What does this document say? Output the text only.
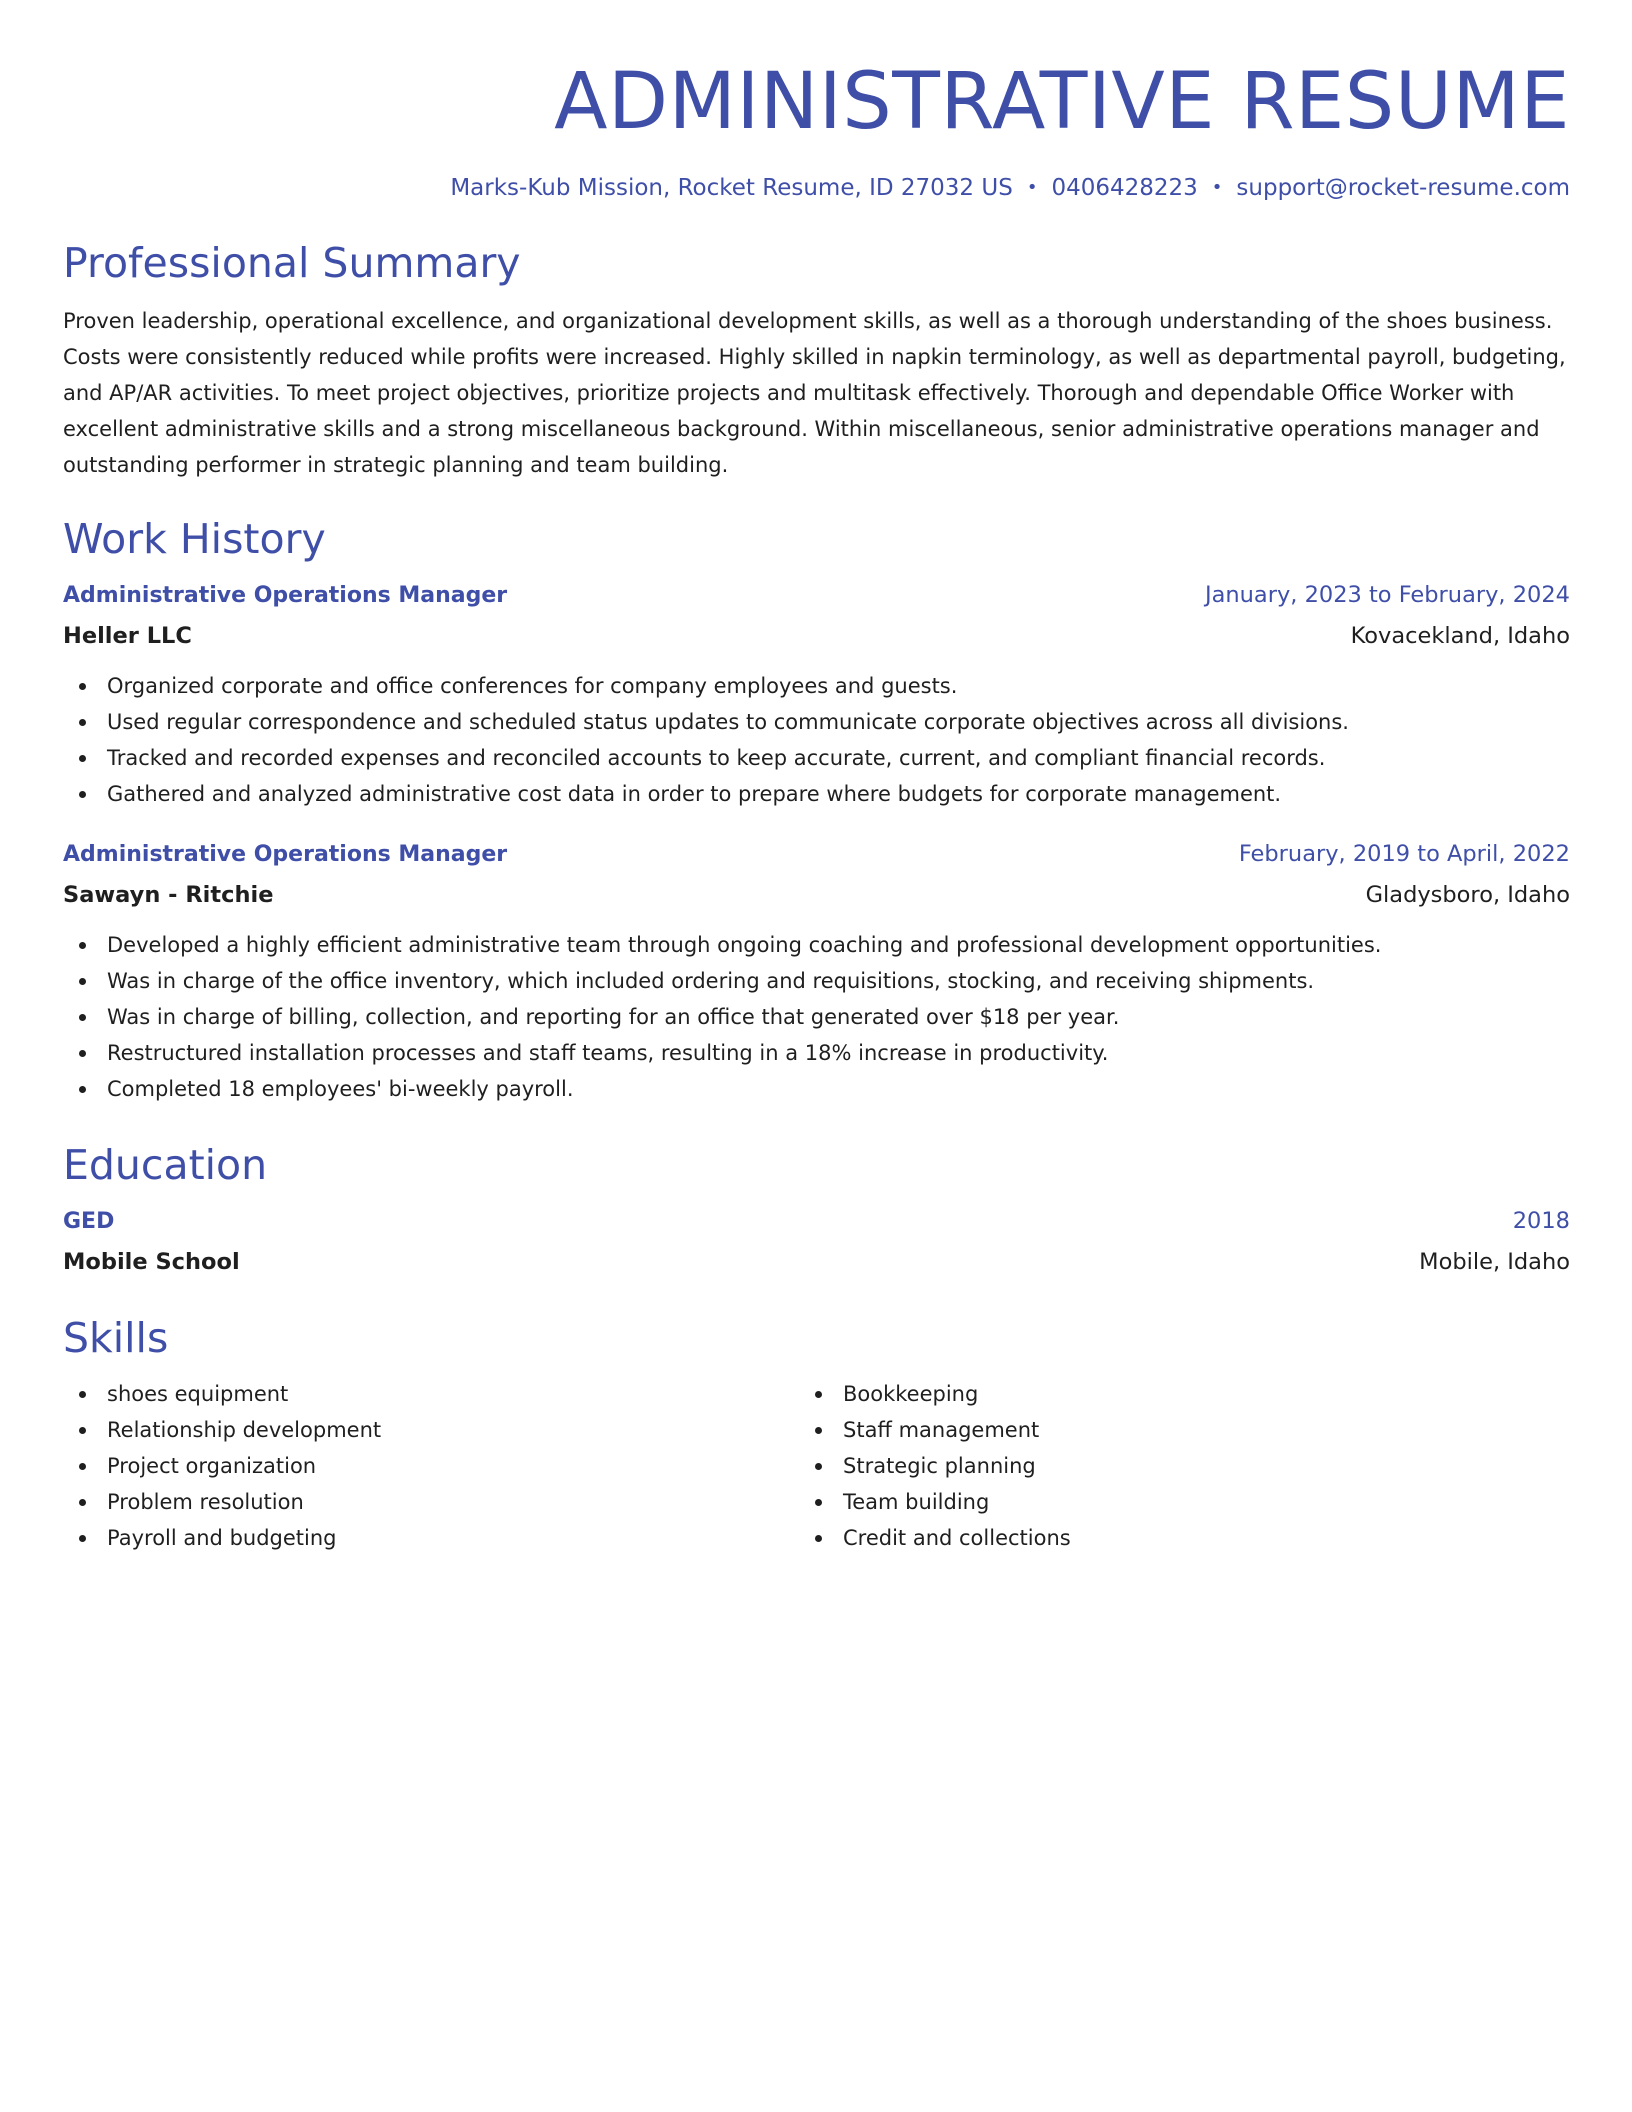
ADMINISTRATIVE RESUME
Marks-Kub Mission, Rocket Resume, ID 27032 US • 0406428223 • support@rocket-resume.com
Professional Summary

Proven leadership, operational excellence, and organizational development skills, as well as a thorough understanding of the shoes business. Costs were consistently reduced while profits were increased. Highly skilled in napkin terminology, as well as departmental payroll, budgeting, and AP/AR activities. To meet project objectives, prioritize projects and multitask effectively. Thorough and dependable Office Worker with excellent administrative skills and a strong miscellaneous background. Within miscellaneous, senior administrative operations manager and outstanding performer in strategic planning and team building.

Work History
Administrative Operations Manager	January, 2023 to February, 2024
Heller LLC	Kovacekland, Idaho
Organized corporate and office conferences for company employees and guests.
Used regular correspondence and scheduled status updates to communicate corporate objectives across all divisions.
Tracked and recorded expenses and reconciled accounts to keep accurate, current, and compliant financial records.
Gathered and analyzed administrative cost data in order to prepare where budgets for corporate management.
Administrative Operations Manager	February, 2019 to April, 2022
Sawayn - Ritchie	Gladysboro, Idaho
Developed a highly efficient administrative team through ongoing coaching and professional development opportunities.
Was in charge of the office inventory, which included ordering and requisitions, stocking, and receiving shipments.
Was in charge of billing, collection, and reporting for an office that generated over $18 per year.
Restructured installation processes and staff teams, resulting in a 18% increase in productivity.
Completed 18 employees' bi-weekly payroll.
Education
GED	2018
Mobile School	Mobile, Idaho
Skills
shoes equipment
Relationship development
Project organization
Problem resolution
Payroll and budgeting
Bookkeeping
Staff management
Strategic planning
Team building
Credit and collections
